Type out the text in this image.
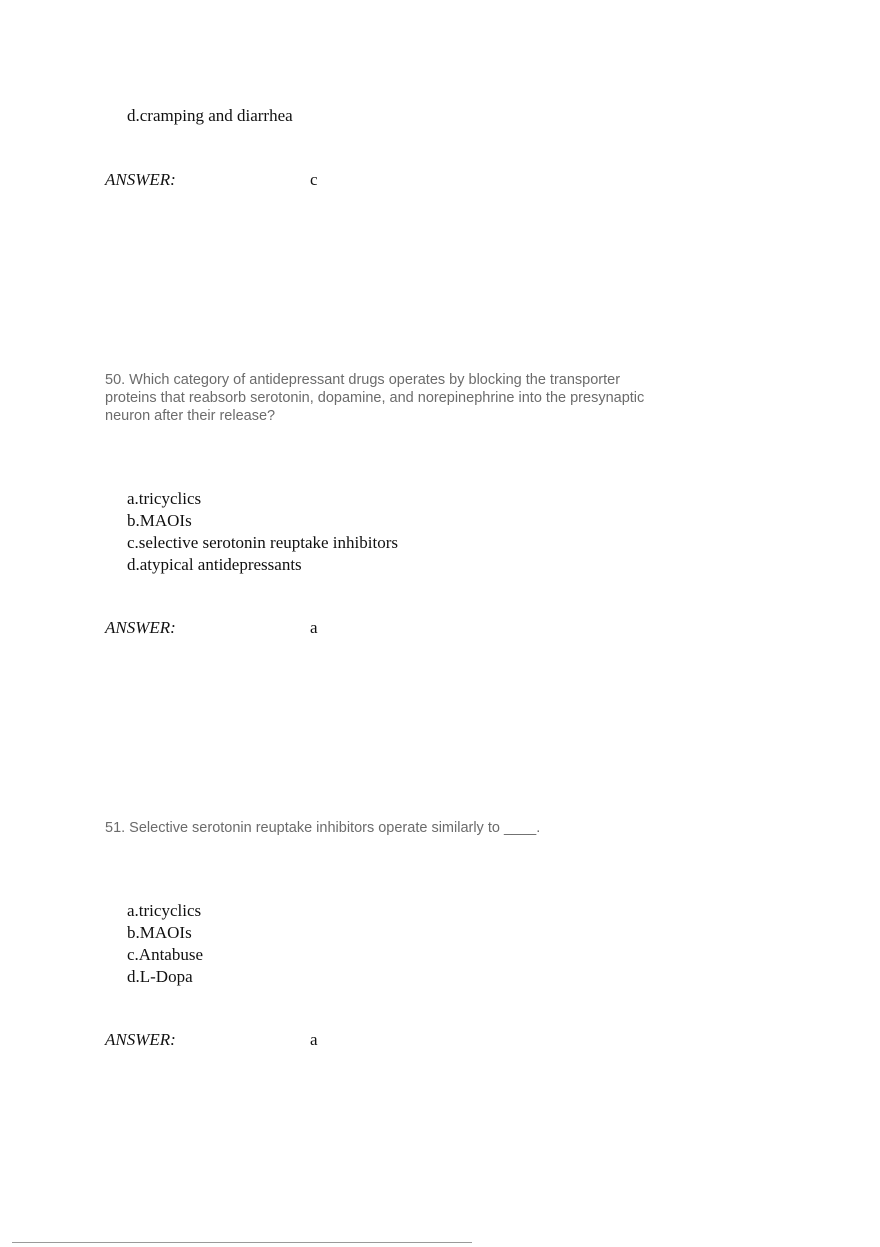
d.cramping and diarrhea
ANSWER:	c
50. Which category of antidepressant drugs operates by blocking the transporter
proteins that reabsorb serotonin, dopamine, and norepinephrine into the presynaptic
neuron after their release?
a.tricyclics
b.MAOIs
c.selective serotonin reuptake inhibitors
d.atypical antidepressants
ANSWER:	a
51. Selective serotonin reuptake inhibitors operate similarly to ____.
a.tricyclics
b.MAOIs
c.Antabuse
d.L-Dopa
ANSWER:	a
